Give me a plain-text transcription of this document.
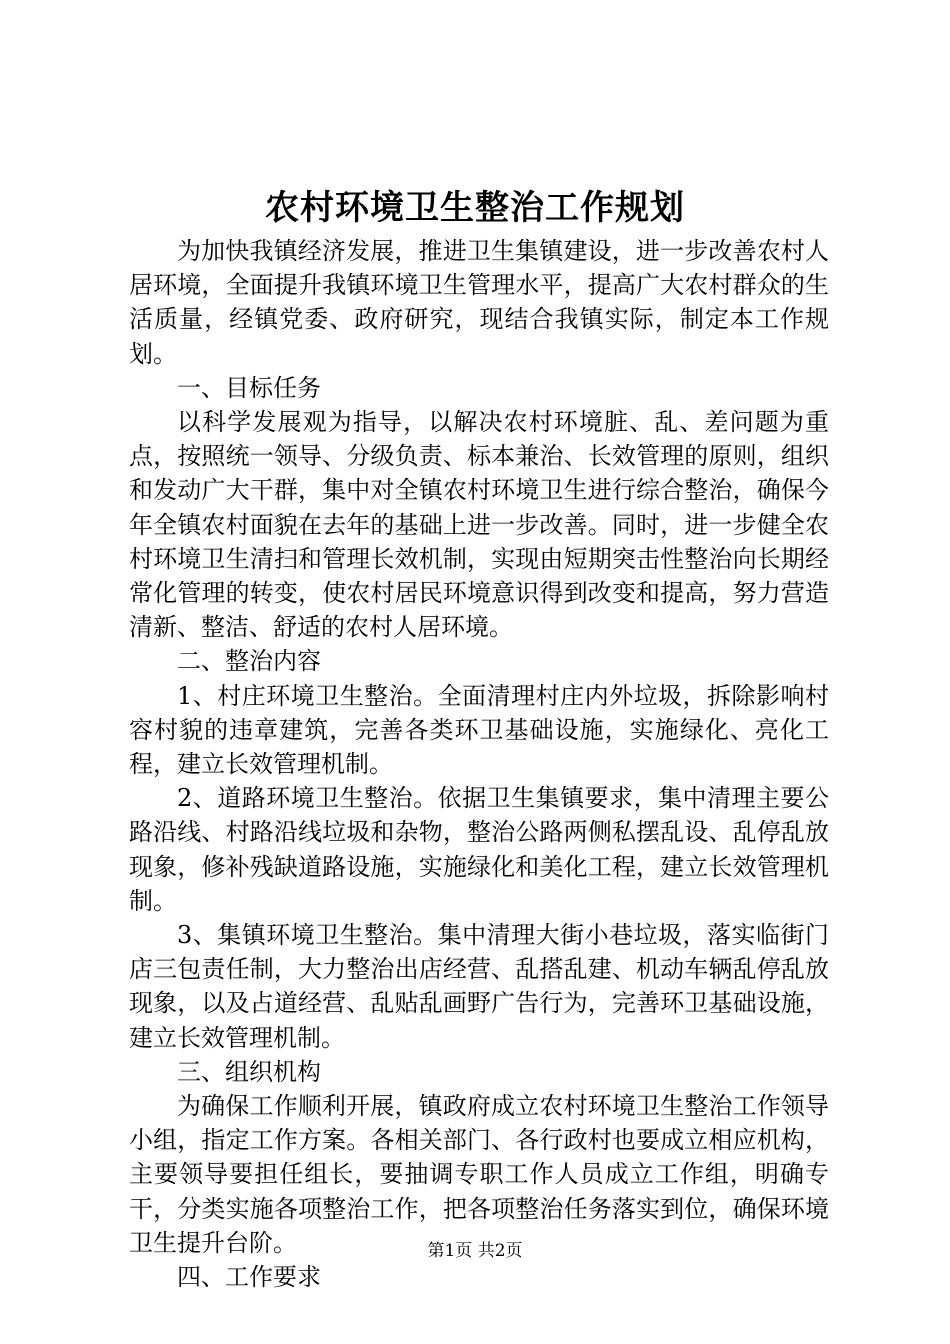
农村环境卫生整治工作规划

为加快我镇经济发展，推进卫生集镇建设，进一步改善农村人居环境，全面提升我镇环境卫生管理水平，提高广大农村群众的生活质量，经镇党委、政府研究，现结合我镇实际，制定本工作规划。

一、目标任务

以科学发展观为指导，以解决农村环境脏、乱、差问题为重点，按照统一领导、分级负责、标本兼治、长效管理的原则，组织和发动广大干群，集中对全镇农村环境卫生进行综合整治，确保今年全镇农村面貌在去年的基础上进一步改善。同时，进一步健全农村环境卫生清扫和管理长效机制，实现由短期突击性整治向长期经常化管理的转变，使农村居民环境意识得到改变和提高，努力营造清新、整洁、舒适的农村人居环境。

二、整治内容

1、村庄环境卫生整治。全面清理村庄内外垃圾，拆除影响村容村貌的违章建筑，完善各类环卫基础设施，实施绿化、亮化工程，建立长效管理机制。

2、道路环境卫生整治。依据卫生集镇要求，集中清理主要公路沿线、村路沿线垃圾和杂物，整治公路两侧私摆乱设、乱停乱放现象，修补残缺道路设施，实施绿化和美化工程，建立长效管理机制。

3、集镇环境卫生整治。集中清理大街小巷垃圾，落实临街门店三包责任制，大力整治出店经营、乱搭乱建、机动车辆乱停乱放现象，以及占道经营、乱贴乱画野广告行为，完善环卫基础设施，建立长效管理机制。

三、组织机构

为确保工作顺利开展，镇政府成立农村环境卫生整治工作领导小组，指定工作方案。各相关部门、各行政村也要成立相应机构，主要领导要担任组长，要抽调专职工作人员成立工作组，明确专干，分类实施各项整治工作，把各项整治任务落实到位，确保环境卫生提升台阶。

四、工作要求

第1页 共2页
